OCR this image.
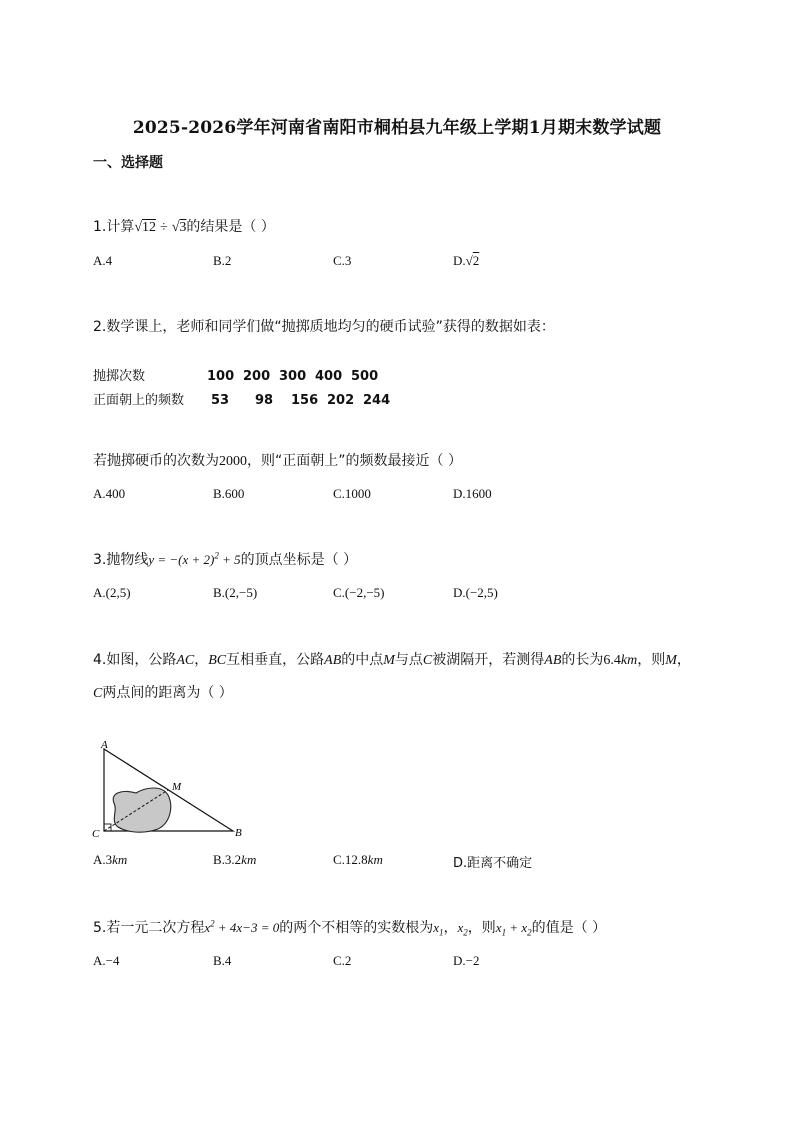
2025-2026学年河南省南阳市桐柏县九年级上学期1月期末数学试题
一、选择题
1.计算√12 ÷ √3的结果是（ ）
A.4	B.2	C.3	D.√2
2.数学课上，老师和同学们做“抛掷质地均匀的硬币试验”获得的数据如表：
抛掷次数	100 200 300 400 500
正面朝上的频数 53 98 156 202 244
若抛掷硬币的次数为2000，则“正面朝上”的频数最接近（ ）
A.400	B.600	C.1000	D.1600
3.抛物线$y = -(x + 2)^2 + 5$的顶点坐标是（ ）
A.(2,5)	B.(2,−5)	C.(−2,−5)	D.(−2,5)
4.如图，公路AC，BC互相垂直，公路AB的中点M与点C被湖隔开，若测得AB的长为6.4km，则M，
C两点间的距离为（ ）
A
B
C
M
A.3km	B.3.2km	C.12.8km	D.距离不确定
5.若一元二次方程$x^2 + 4x-3 = 0$的两个不相等的实数根为$x_1$，$x_2$，则$x_1 + x_2$的值是（ ）
A.−4	B.4	C.2	D.−2
